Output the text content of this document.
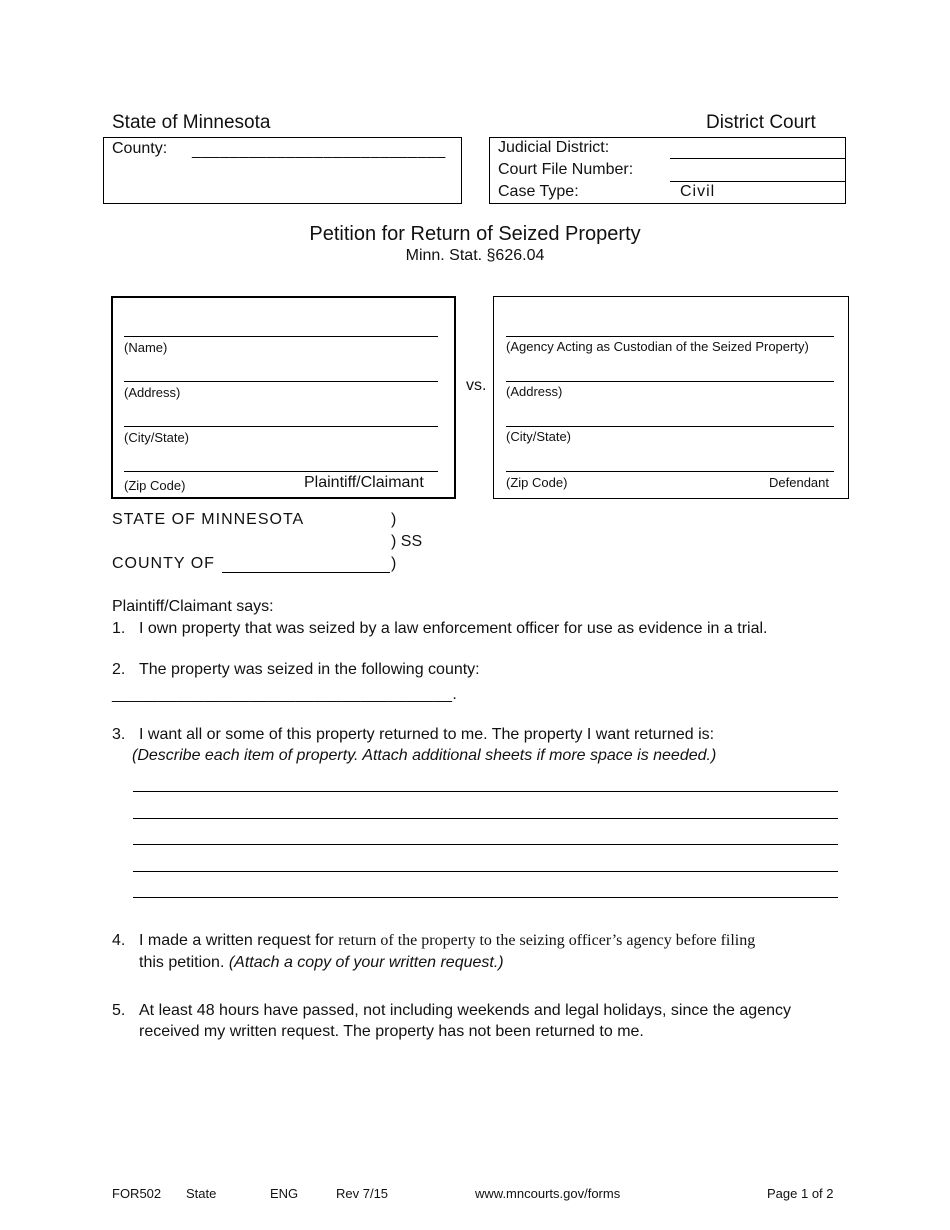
State of Minnesota	District Court
County: ___________________________	Judicial District:
Court File Number:
Case Type:	Civil
Petition for Return of Seized Property
Minn. Stat. §626.04
(Name)
(Address)
(City/State)
(Zip Code)	Plaintiff/Claimant
vs.
(Agency Acting as Custodian of the Seized Property)
(Address)
(City/State)
(Zip Code)	Defendant
STATE OF MINNESOTA	)
) SS
COUNTY OF	)
Plaintiff/Claimant says:
1. I own property that was seized by a law enforcement officer for use as evidence in a trial.
2. The property was seized in the following county:
_____________________________________.
3. I want all or some of this property returned to me. The property I want returned is:
(Describe each item of property. Attach additional sheets if more space is needed.)
4. I made a written request for return of the property to the seizing officer’s agency before filing
this petition. (Attach a copy of your written request.)
5. At least 48 hours have passed, not including weekends and legal holidays, since the agency
received my written request. The property has not been returned to me.
FOR502 State	ENG	Rev 7/15	www.mncourts.gov/forms	Page 1 of 2
